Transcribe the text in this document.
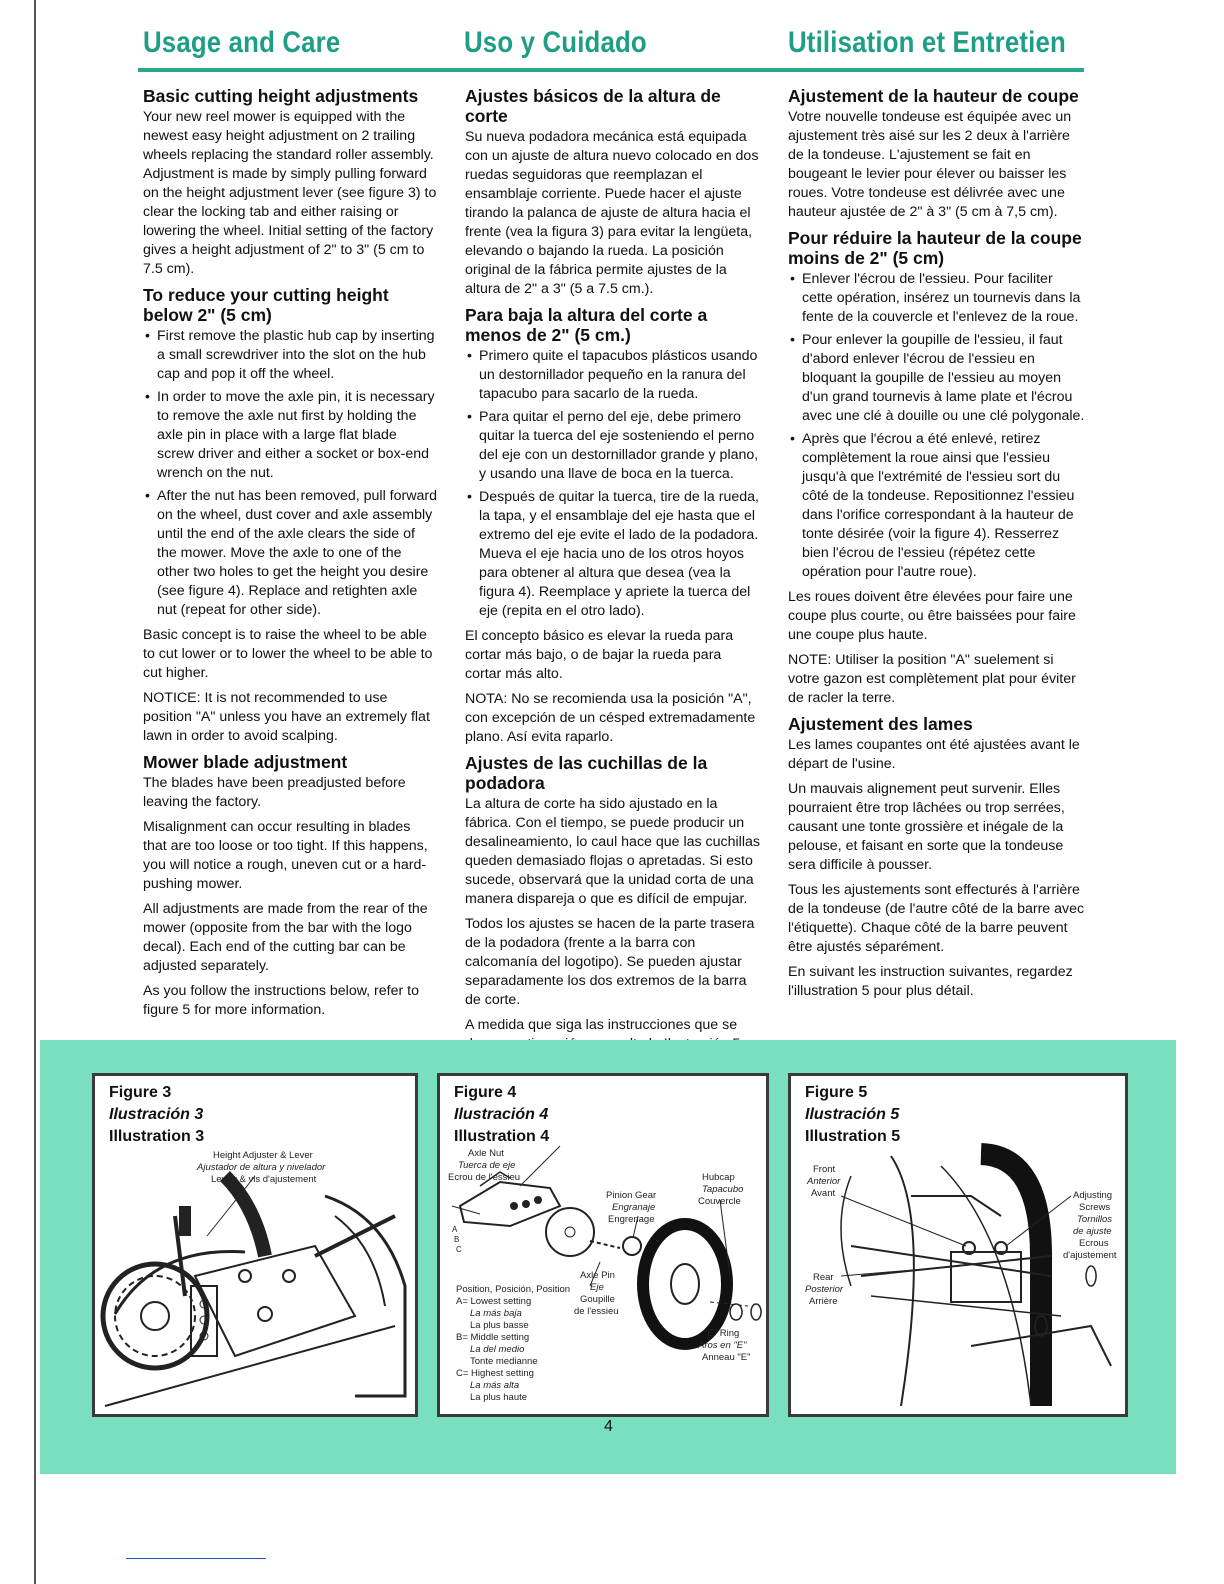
Usage and Care	Uso y Cuidado	Utilisation et Entretien
Basic cutting height adjustments

Your new reel mower is equipped with the newest easy height adjustment on 2 trailing wheels replacing the standard roller assembly. Adjustment is made by simply pulling forward on the height adjustment lever (see figure 3) to clear the locking tab and either raising or lowering the wheel. Initial setting of the factory gives a height adjustment of 2" to 3" (5 cm to 7.5 cm).

To reduce your cutting height below 2" (5 cm)
• First remove the plastic hub cap by inserting a small screwdriver into the slot on the hub cap and pop it off the wheel.
• In order to move the axle pin, it is necessary to remove the axle nut first by holding the axle pin in place with a large flat blade screw driver and either a socket or box-end wrench on the nut.
• After the nut has been removed, pull forward on the wheel, dust cover and axle assembly until the end of the axle clears the side of the mower. Move the axle to one of the other two holes to get the height you desire (see figure 4). Replace and retighten axle nut (repeat for other side).

Basic concept is to raise the wheel to be able to cut lower or to lower the wheel to be able to cut higher.

NOTICE: It is not recommended to use position "A" unless you have an extremely flat lawn in order to avoid scalping.

Mower blade adjustment

The blades have been preadjusted before leaving the factory.

Misalignment can occur resulting in blades that are too loose or too tight. If this happens, you will notice a rough, uneven cut or a hard-pushing mower.

All adjustments are made from the rear of the mower (opposite from the bar with the logo decal). Each end of the cutting bar can be adjusted separately.

As you follow the instructions below, refer to figure 5 for more information.

Ajustes básicos de la altura de corte

Su nueva podadora mecánica está equipada con un ajuste de altura nuevo colocado en dos ruedas seguidoras que reemplazan el ensamblaje corriente. Puede hacer el ajuste tirando la palanca de ajuste de altura hacia el frente (vea la figura 3) para evitar la lengüeta, elevando o bajando la rueda. La posición original de la fábrica permite ajustes de la altura de 2" a 3" (5 a 7.5 cm.).

Para baja la altura del corte a menos de 2" (5 cm.)
• Primero quite el tapacubos plásticos usando un destornillador pequeño en la ranura del tapacubo para sacarlo de la rueda.
• Para quitar el perno del eje, debe primero quitar la tuerca del eje sosteniendo el perno del eje con un destornillador grande y plano, y usando una llave de boca en la tuerca.
• Después de quitar la tuerca, tire de la rueda, la tapa, y el ensamblaje del eje hasta que el extremo del eje evite el lado de la podadora. Mueva el eje hacia uno de los otros hoyos para obtener al altura que desea (vea la figura 4). Reemplace y apriete la tuerca del eje (repita en el otro lado).

El concepto básico es elevar la rueda para cortar más bajo, o de bajar la rueda para cortar más alto.

NOTA: No se recomienda usa la posición "A", con excepción de un césped extremadamente plano. Así evita raparlo.

Ajustes de las cuchillas de la podadora

La altura de corte ha sido ajustado en la fábrica. Con el tiempo, se puede producir un desalineamiento, lo caul hace que las cuchillas queden demasiado flojas o apretadas. Si esto sucede, observará que la unidad corta de una manera dispareja o que es difícil de empujar.

Todos los ajustes se hacen de la parte trasera de la podadora (frente a la barra con calcomanía del logotipo). Se pueden ajustar separadamente los dos extremos de la barra de corte.

A medida que siga las instrucciones que se

Ajustement de la hauteur de coupe

Votre nouvelle tondeuse est équipée avec un ajustement très aisé sur les 2 deux à l'arrière de la tondeuse. L'ajustement se fait en bougeant le levier pour élever ou baisser les roues. Votre tondeuse est délivrée avec une hauteur ajustée de 2" à 3" (5 cm à 7,5 cm).

Pour réduire la hauteur de la coupe moins de 2" (5 cm)
• Enlever l'écrou de l'essieu. Pour faciliter cette opération, insérez un tournevis dans la fente de la couvercle et l'enlevez de la roue.
• Pour enlever la goupille de l'essieu, il faut d'abord enlever l'écrou de l'essieu en bloquant la goupille de l'essieu au moyen d'un grand tournevis à lame plate et l'écrou avec une clé à douille ou une clé polygonale.
• Après que l'écrou a été enlevé, retirez complètement la roue ainsi que l'essieu jusqu'à que l'extrémité de l'essieu sort du côté de la tondeuse. Repositionnez l'essieu dans l'orifice correspondant à la hauteur de tonte désirée (voir la figure 4). Resserrez bien l'écrou de l'essieu (répétez cette opération pour l'autre roue).

Les roues doivent être élevées pour faire une coupe plus courte, ou être baissées pour faire une coupe plus haute.

NOTE: Utiliser la position "A" suelement si votre gazon est complètement plat pour éviter de racler la terre.

Ajustement des lames

Les lames coupantes ont été ajustées avant le départ de l'usine.

Un mauvais alignement peut survenir. Elles pourraient être trop lâchées ou trop serrées, causant une tonte grossière et inégale de la pelouse, et faisant en sorte que la tondeuse sera difficile à pousser.

Tous les ajustements sont effecturés à l'arrière de la tondeuse (de l'autre côté de la barre avec l'étiquette). Chaque côté de la barre peuvent être ajustés séparément.

En suivant les instruction suivantes, regardez l'illustration 5 pour plus détail.

Figure 3
Ilustración 3
Illustration 3
Height Adjuster & Lever
Ajustador de altura y nivelador
Levier & vis d'ajustement
Figure 4
Ilustración 4
Illustration 4
Axle Nut
Tuerca de eje
Ecrou de l'essieu
Pinion Gear
Engranaje
Engrenage
Hubcap
Tapacubo
Couvercle
Axle Pin
Eje
Goupille
de l'essieu
"E" Ring
Aros en "E"
Anneau "E"
Position, Posición, Position
A= Lowest setting
La más baja
La plus basse
B= Middle setting
La del medio
Tonte medianne
C= Highest setting
La más alta
La plus haute
A
B
C
Figure 5
Ilustración 5
Illustration 5
Front
Anterior
Avant
Rear
Posterior
Arrière
Adjusting
Screws
Tornillos
de ajuste
Ecrous
d'ajustement
4
